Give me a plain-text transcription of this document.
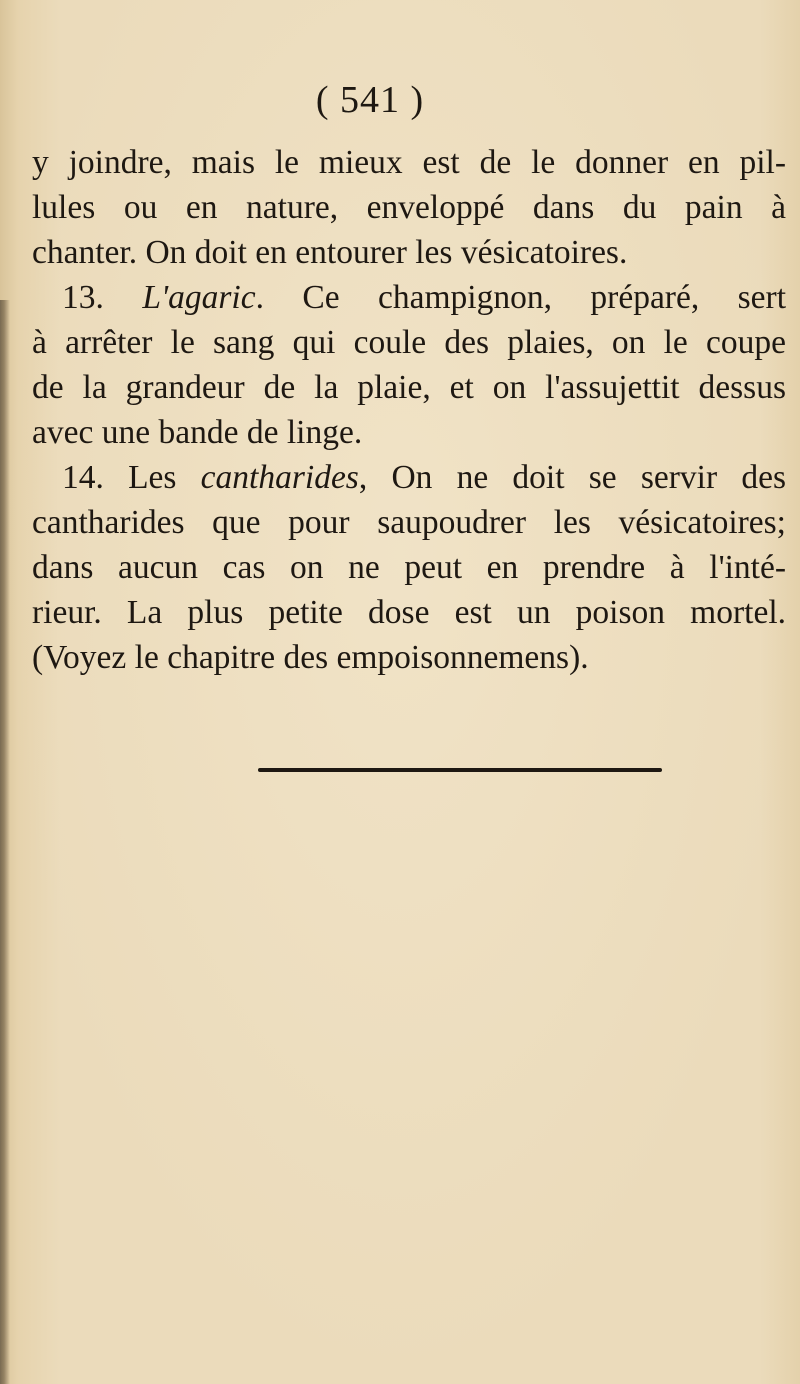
( 541 )
y joindre, mais le mieux est de le donner en pil-
lules ou en nature, enveloppé dans du pain à
chanter. On doit en entourer les vésicatoires.
13. L'agaric. Ce champignon, préparé, sert
à arrêter le sang qui coule des plaies, on le coupe
de la grandeur de la plaie, et on l'assujettit dessus
avec une bande de linge.
14. Les cantharides, On ne doit se servir des
cantharides que pour saupoudrer les vésicatoires;
dans aucun cas on ne peut en prendre à l'inté-
rieur. La plus petite dose est un poison mortel.
(Voyez le chapitre des empoisonnemens).
